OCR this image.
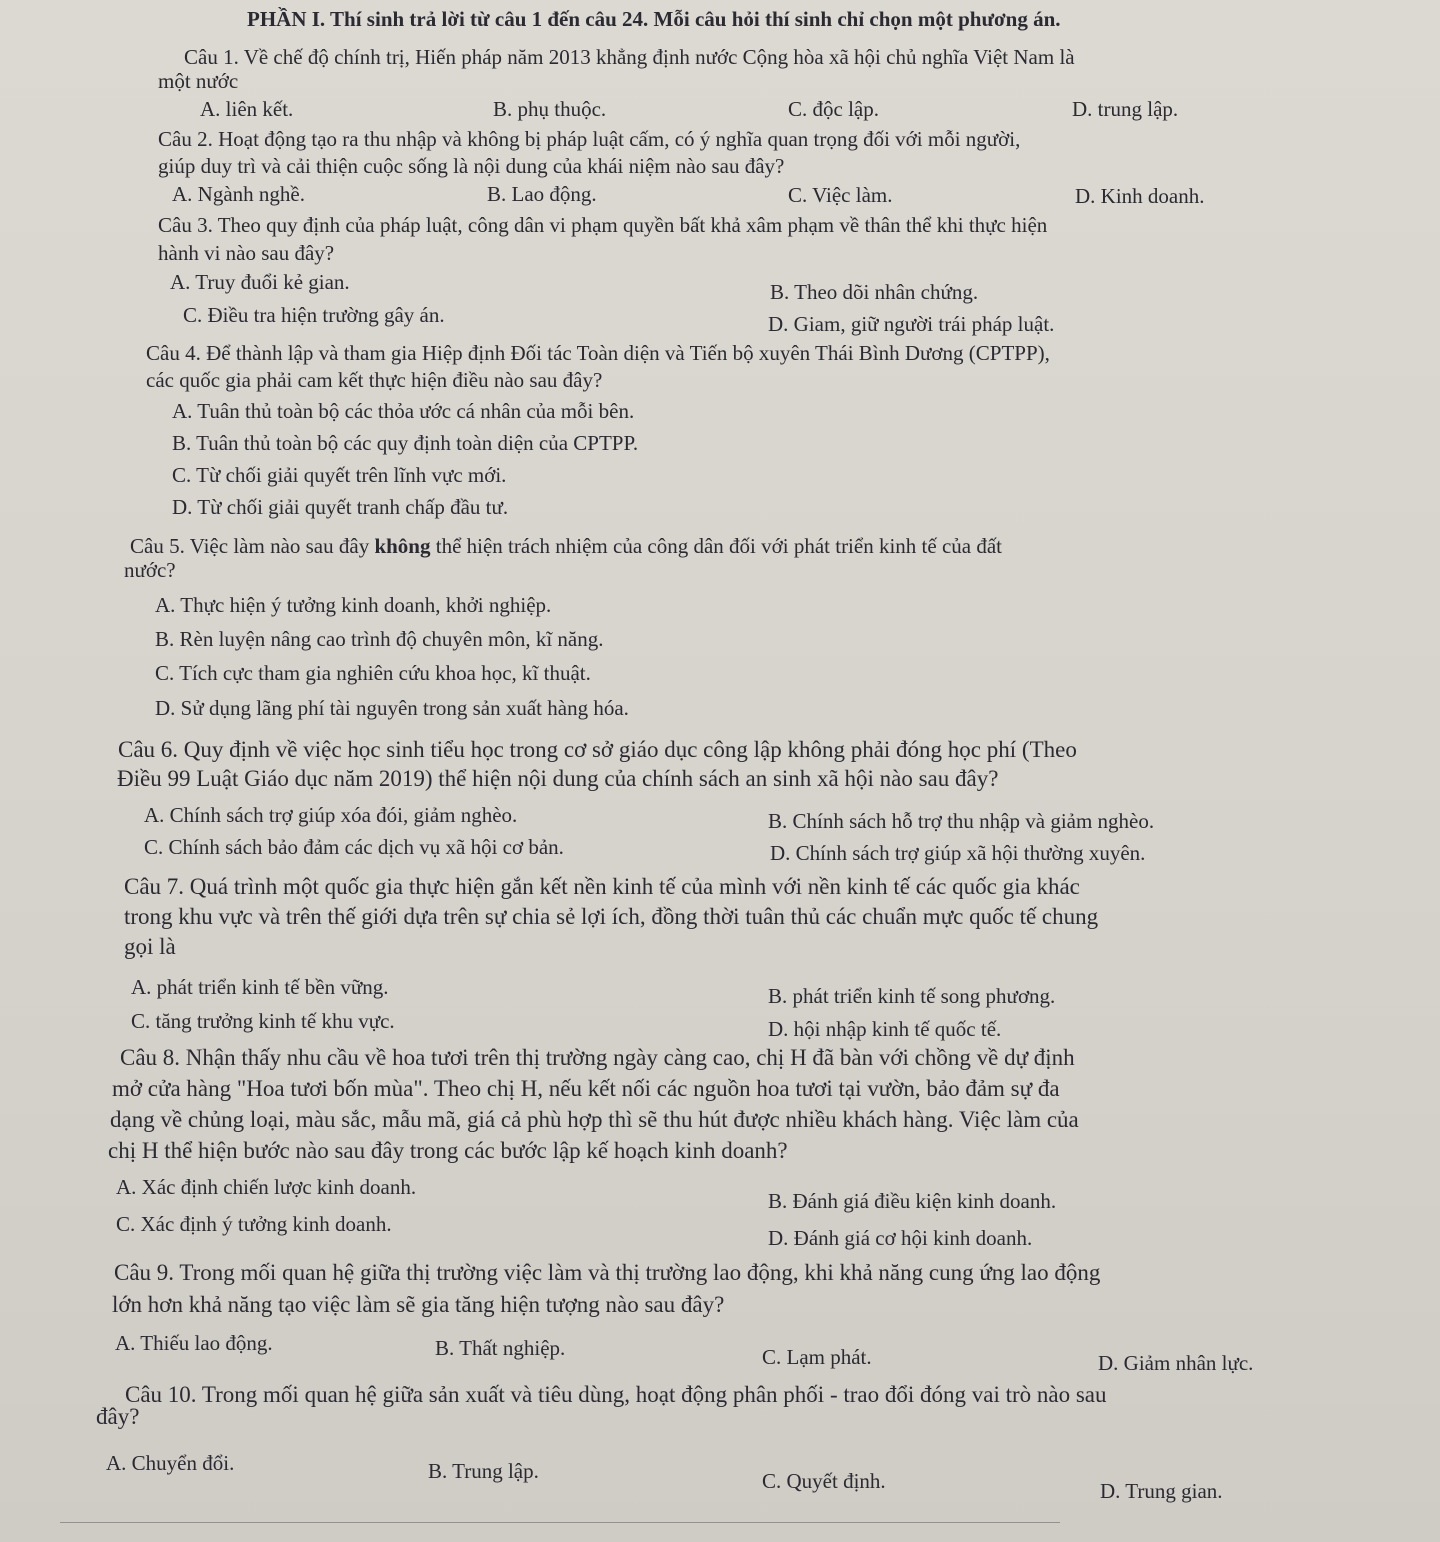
PHẦN I. Thí sinh trả lời từ câu 1 đến câu 24. Mỗi câu hỏi thí sinh chỉ chọn một phương án.
Câu 1. Về chế độ chính trị, Hiến pháp năm 2013 khẳng định nước Cộng hòa xã hội chủ nghĩa Việt Nam là
một nước
A. liên kết.	B. phụ thuộc.	C. độc lập.	D. trung lập.
Câu 2. Hoạt động tạo ra thu nhập và không bị pháp luật cấm, có ý nghĩa quan trọng đối với mỗi người,
giúp duy trì và cải thiện cuộc sống là nội dung của khái niệm nào sau đây?
A. Ngành nghề.	B. Lao động.	C. Việc làm.	D. Kinh doanh.
Câu 3. Theo quy định của pháp luật, công dân vi phạm quyền bất khả xâm phạm về thân thể khi thực hiện
hành vi nào sau đây?
A. Truy đuổi kẻ gian.	B. Theo dõi nhân chứng.
C. Điều tra hiện trường gây án.	D. Giam, giữ người trái pháp luật.
Câu 4. Để thành lập và tham gia Hiệp định Đối tác Toàn diện và Tiến bộ xuyên Thái Bình Dương (CPTPP),
các quốc gia phải cam kết thực hiện điều nào sau đây?
A. Tuân thủ toàn bộ các thỏa ước cá nhân của mỗi bên.
B. Tuân thủ toàn bộ các quy định toàn diện của CPTPP.
C. Từ chối giải quyết trên lĩnh vực mới.
D. Từ chối giải quyết tranh chấp đầu tư.
Câu 5. Việc làm nào sau đây không thể hiện trách nhiệm của công dân đối với phát triển kinh tế của đất
nước?
A. Thực hiện ý tưởng kinh doanh, khởi nghiệp.
B. Rèn luyện nâng cao trình độ chuyên môn, kĩ năng.
C. Tích cực tham gia nghiên cứu khoa học, kĩ thuật.
D. Sử dụng lãng phí tài nguyên trong sản xuất hàng hóa.
Câu 6. Quy định về việc học sinh tiểu học trong cơ sở giáo dục công lập không phải đóng học phí (Theo
Điều 99 Luật Giáo dục năm 2019) thể hiện nội dung của chính sách an sinh xã hội nào sau đây?
A. Chính sách trợ giúp xóa đói, giảm nghèo.	B. Chính sách hỗ trợ thu nhập và giảm nghèo.
C. Chính sách bảo đảm các dịch vụ xã hội cơ bản.	D. Chính sách trợ giúp xã hội thường xuyên.
Câu 7. Quá trình một quốc gia thực hiện gắn kết nền kinh tế của mình với nền kinh tế các quốc gia khác
trong khu vực và trên thế giới dựa trên sự chia sẻ lợi ích, đồng thời tuân thủ các chuẩn mực quốc tế chung
gọi là
A. phát triển kinh tế bền vững.	B. phát triển kinh tế song phương.
C. tăng trưởng kinh tế khu vực.	D. hội nhập kinh tế quốc tế.
Câu 8. Nhận thấy nhu cầu về hoa tươi trên thị trường ngày càng cao, chị H đã bàn với chồng về dự định
mở cửa hàng "Hoa tươi bốn mùa". Theo chị H, nếu kết nối các nguồn hoa tươi tại vườn, bảo đảm sự đa
dạng về chủng loại, màu sắc, mẫu mã, giá cả phù hợp thì sẽ thu hút được nhiều khách hàng. Việc làm của
chị H thể hiện bước nào sau đây trong các bước lập kế hoạch kinh doanh?
A. Xác định chiến lược kinh doanh.
B. Đánh giá điều kiện kinh doanh.
C. Xác định ý tưởng kinh doanh.
D. Đánh giá cơ hội kinh doanh.
Câu 9. Trong mối quan hệ giữa thị trường việc làm và thị trường lao động, khi khả năng cung ứng lao động
lớn hơn khả năng tạo việc làm sẽ gia tăng hiện tượng nào sau đây?
A. Thiếu lao động.	B. Thất nghiệp.	C. Lạm phát.	D. Giảm nhân lực.
Câu 10. Trong mối quan hệ giữa sản xuất và tiêu dùng, hoạt động phân phối - trao đổi đóng vai trò nào sau
đây?
A. Chuyển đổi.	B. Trung lập.	C. Quyết định.	D. Trung gian.
